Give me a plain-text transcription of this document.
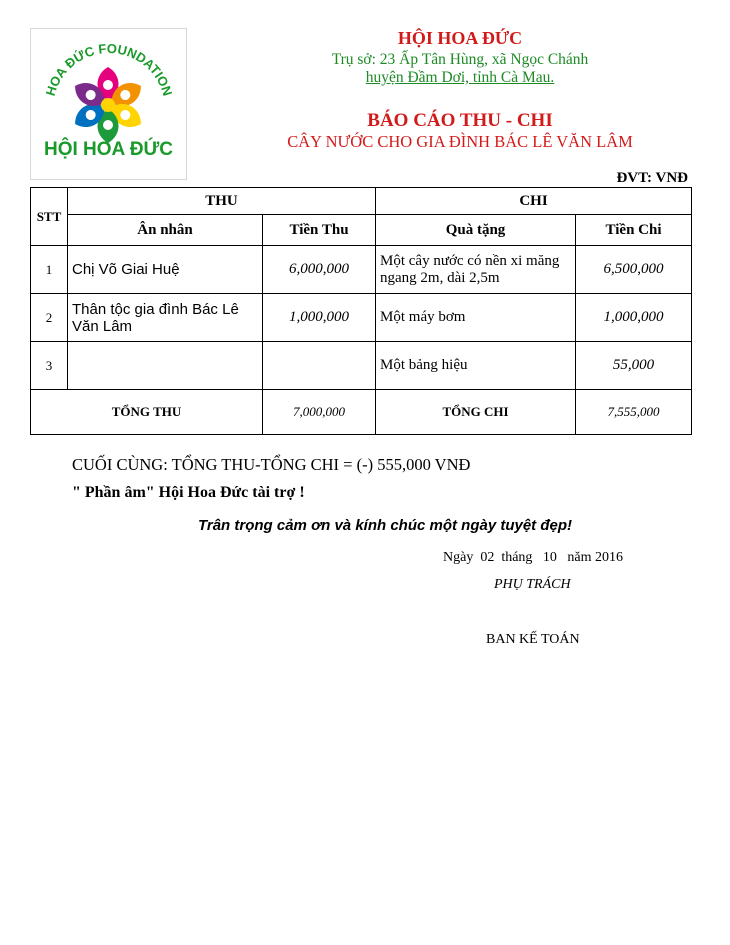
HOA ĐỨC FOUNDATION
HỘI HOA ĐỨC
HỘI HOA ĐỨC
Trụ sở: 23 Ấp Tân Hùng, xã Ngọc Chánh
huyện Đầm Dơi, tỉnh Cà Mau.
BÁO CÁO THU - CHI
CÂY NƯỚC CHO GIA ĐÌNH BÁC LÊ VĂN LÂM
ĐVT: VNĐ
STT	THU		CHI	
	Ân nhân	Tiền Thu	Quà tặng	Tiền Chi
1	Chị Võ Giai Huệ	6,000,000	Một cây nước có nền xi măng ngang 2m, dài 2,5m	6,500,000
2	Thân tộc gia đình Bác Lê Văn Lâm	1,000,000	Một máy bơm	1,000,000
3			Một bảng hiệu	55,000
TỔNG THU		7,000,000	TỔNG CHI	7,555,000
CUỐI CÙNG: TỔNG THU-TỔNG CHI = (-) 555,000 VNĐ
" Phần âm" Hội Hoa Đức tài trợ !
Trân trọng cảm ơn và kính chúc một ngày tuyệt đẹp!
Ngày  02  tháng   10   năm 2016
PHỤ TRÁCH
BAN KẾ TOÁN
